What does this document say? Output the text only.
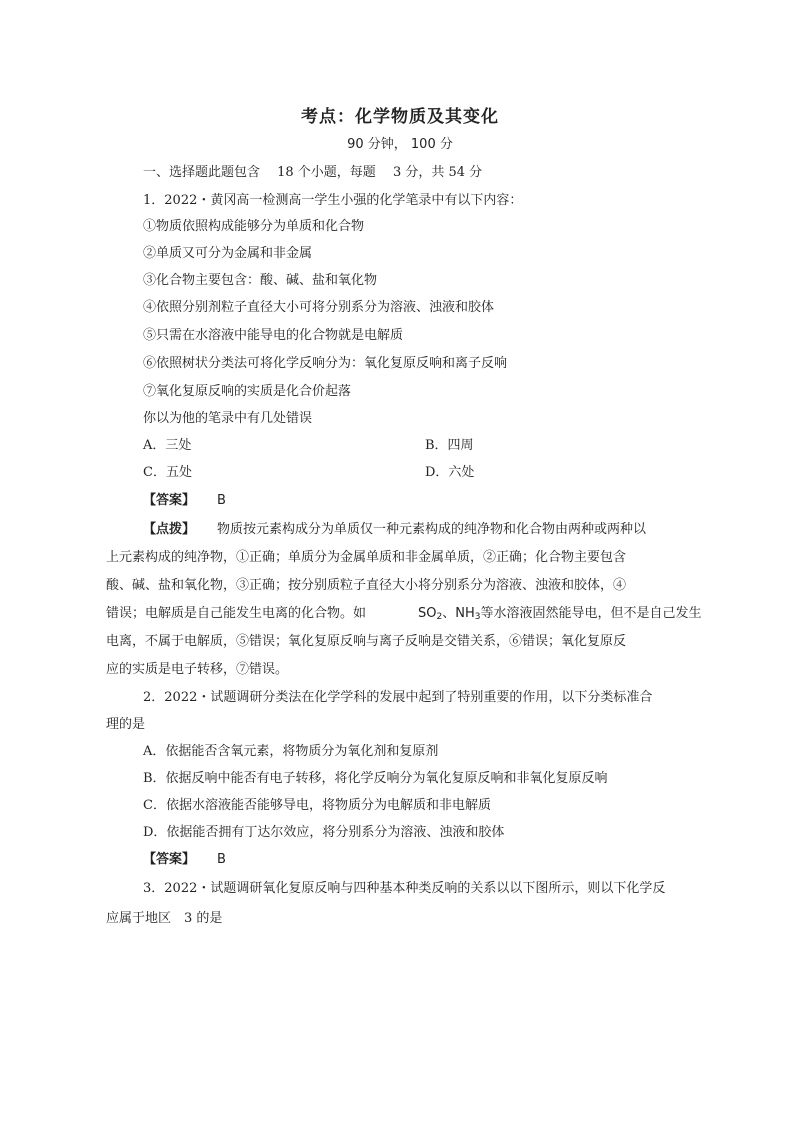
考点：化学物质及其变化
90 分钟， 100 分
一、选择题此题包含　 18 个小题，每题　 3 分，共 54 分
1．2022・黄冈高一检测高一学生小强的化学笔录中有以下内容：
①物质依照构成能够分为单质和化合物
②单质又可分为金属和非金属
③化合物主要包含：酸、碱、盐和氧化物
④依照分别剂粒子直径大小可将分别系分为溶液、浊液和胶体
⑤只需在水溶液中能导电的化合物就是电解质
⑥依照树状分类法可将化学反响分为：氧化复原反响和离子反响
⑦氧化复原反响的实质是化合价起落
你以为他的笔录中有几处错误
A．三处	B．四周
C．五处	D．六处
【答案】 B
【点拨】 物质按元素构成分为单质仅一种元素构成的纯净物和化合物由两种或两种以
上元素构成的纯净物，①正确；单质分为金属单质和非金属单质，②正确；化合物主要包含
酸、碱、盐和氧化物，③正确；按分别质粒子直径大小将分别系分为溶液、浊液和胶体，④
错误；电解质是自己能发生电离的化合物。如	$SO_2$、$NH_3$等水溶液固然能导电，但不是自己发生
电离，不属于电解质，⑤错误；氧化复原反响与离子反响是交错关系，⑥错误；氧化复原反
应的实质是电子转移，⑦错误。
2．2022・试题调研分类法在化学学科的发展中起到了特别重要的作用，以下分类标准合
理的是
A．依据能否含氧元素，将物质分为氧化剂和复原剂
B．依据反响中能否有电子转移，将化学反响分为氧化复原反响和非氧化复原反响
C．依据水溶液能否能够导电，将物质分为电解质和非电解质
D．依据能否拥有丁达尔效应，将分别系分为溶液、浊液和胶体
【答案】 B
3．2022・试题调研氧化复原反响与四种基本种类反响的关系以以下图所示，则以下化学反
应属于地区　3 的是
